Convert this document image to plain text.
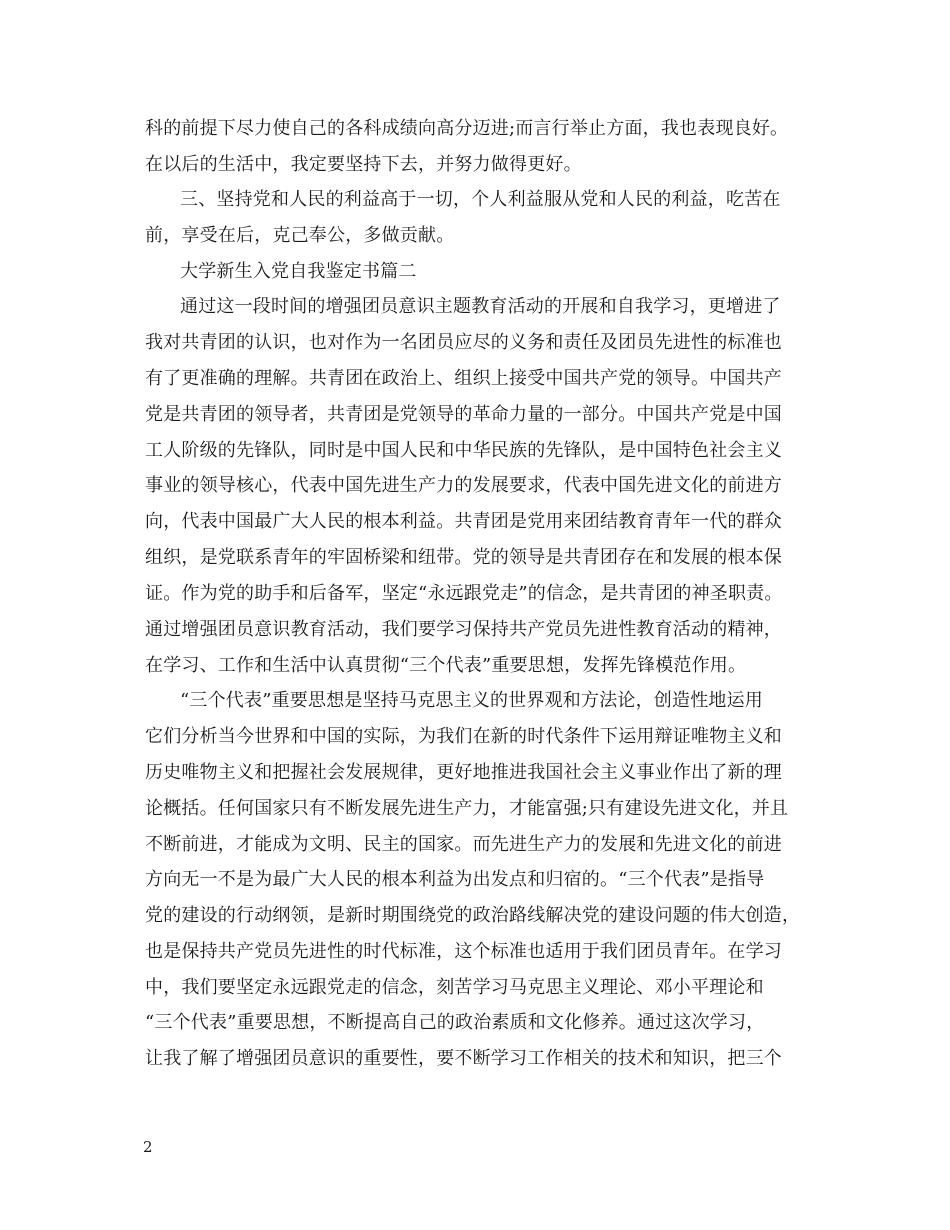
科的前提下尽力使自己的各科成绩向高分迈进;而言行举止方面，我也表现良好。
在以后的生活中，我定要坚持下去，并努力做得更好。
三、坚持党和人民的利益高于一切，个人利益服从党和人民的利益，吃苦在
前，享受在后，克己奉公，多做贡献。
大学新生入党自我鉴定书篇二
通过这一段时间的增强团员意识主题教育活动的开展和自我学习，更增进了
我对共青团的认识，也对作为一名团员应尽的义务和责任及团员先进性的标准也
有了更准确的理解。共青团在政治上、组织上接受中国共产党的领导。中国共产
党是共青团的领导者，共青团是党领导的革命力量的一部分。中国共产党是中国
工人阶级的先锋队，同时是中国人民和中华民族的先锋队，是中国特色社会主义
事业的领导核心，代表中国先进生产力的发展要求，代表中国先进文化的前进方
向，代表中国最广大人民的根本利益。共青团是党用来团结教育青年一代的群众
组织，是党联系青年的牢固桥梁和纽带。党的领导是共青团存在和发展的根本保
证。作为党的助手和后备军，坚定“永远跟党走”的信念，是共青团的神圣职责。
通过增强团员意识教育活动，我们要学习保持共产党员先进性教育活动的精神，
在学习、工作和生活中认真贯彻“三个代表”重要思想，发挥先锋模范作用。
“三个代表”重要思想是坚持马克思主义的世界观和方法论，创造性地运用
它们分析当今世界和中国的实际，为我们在新的时代条件下运用辩证唯物主义和
历史唯物主义和把握社会发展规律，更好地推进我国社会主义事业作出了新的理
论概括。任何国家只有不断发展先进生产力，才能富强;只有建设先进文化，并且
不断前进，才能成为文明、民主的国家。而先进生产力的发展和先进文化的前进
方向无一不是为最广大人民的根本利益为出发点和归宿的。“三个代表”是指导
党的建设的行动纲领，是新时期围绕党的政治路线解决党的建设问题的伟大创造，
也是保持共产党员先进性的时代标准，这个标准也适用于我们团员青年。在学习
中，我们要坚定永远跟党走的信念，刻苦学习马克思主义理论、邓小平理论和
“三个代表”重要思想，不断提高自己的政治素质和文化修养。通过这次学习，
让我了解了增强团员意识的重要性，要不断学习工作相关的技术和知识，把三个
2
